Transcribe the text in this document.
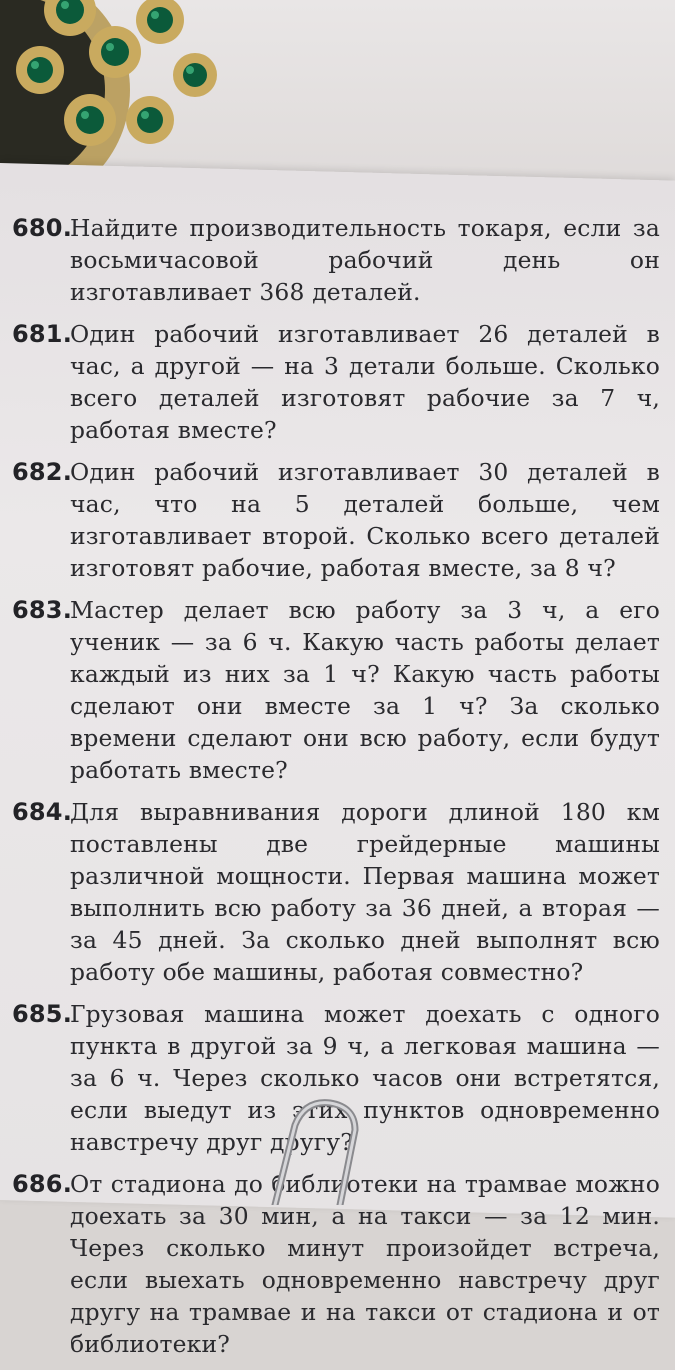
680.
Найдите производительность токаря, если за восьмичасовой рабочий день он изготавливает 368 деталей.
681.
Один рабочий изготавливает 26 деталей в час, а другой — на 3 детали больше. Сколько всего деталей изготовят рабочие за 7 ч, работая вместе?
682.
Один рабочий изготавливает 30 деталей в час, что на 5 деталей больше, чем изготавливает второй. Сколько всего деталей изготовят рабочие, работая вместе, за 8 ч?
683.
Мастер делает всю работу за 3 ч, а его ученик — за 6 ч. Какую часть работы делает каждый из них за 1 ч? Какую часть работы сделают они вместе за 1 ч? За сколько времени сделают они всю работу, если будут работать вместе?
684.
Для выравнивания дороги длиной 180 км поставлены две грейдерные машины различной мощности. Первая машина может выполнить всю работу за 36 дней, а вторая — за 45 дней. За сколько дней выполнят всю работу обе машины, работая совместно?
685.
Грузовая машина может доехать с одного пункта в другой за 9 ч, а легковая машина — за 6 ч. Через сколько часов они встретятся, если выедут из этих пунктов одновременно навстречу друг другу?
686.
От стадиона до библиотеки на трамвае можно доехать за 30 мин, а на такси — за 12 мин. Через сколько минут произойдет встреча, если выехать одновременно навстречу друг другу на трамвае и на такси от стадиона и от библиотеки?
